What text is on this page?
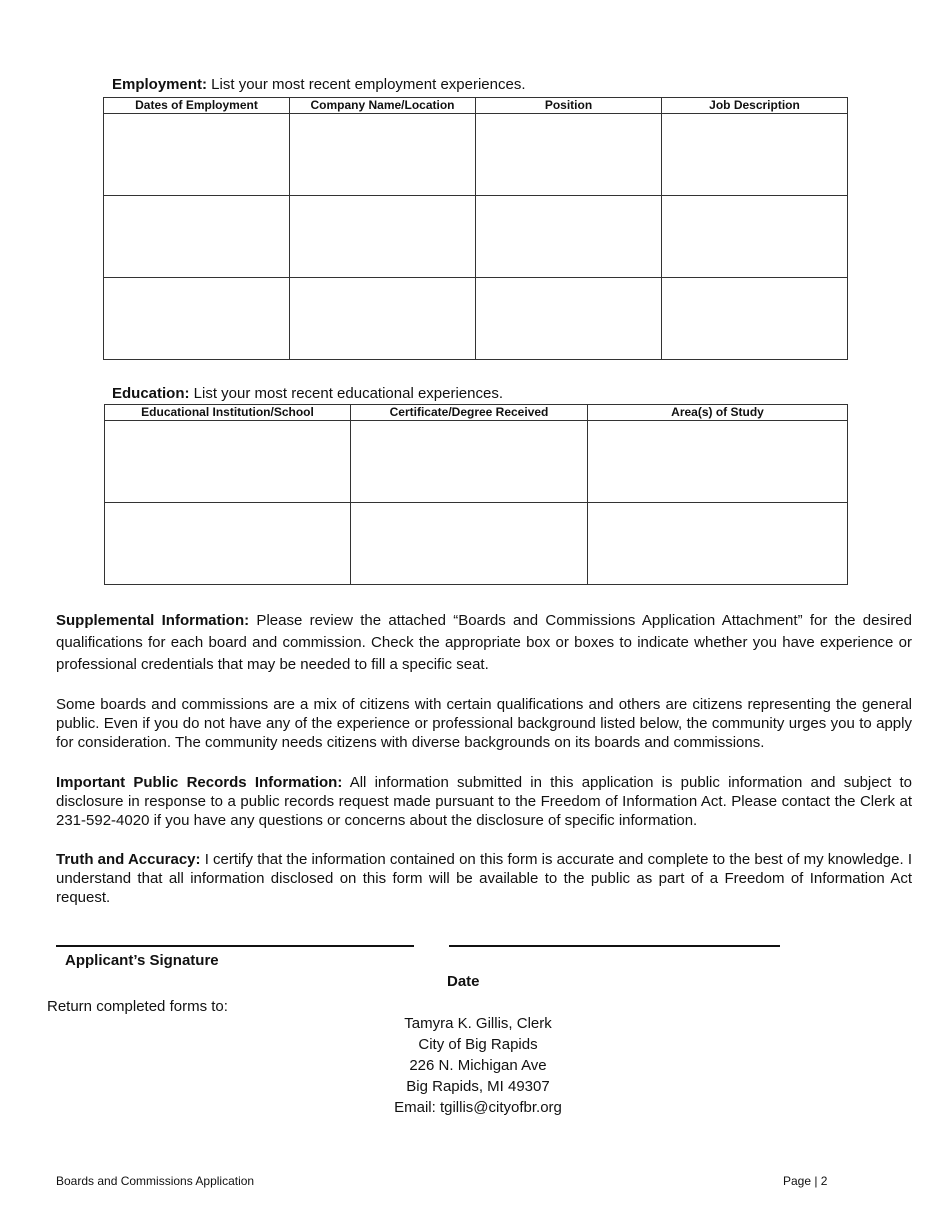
Employment: List your most recent employment experiences.
Dates of Employment	Company Name/Location	Position	Job Description

Education: List your most recent educational experiences.
Educational Institution/School	Certificate/Degree Received	Area(s) of Study

Supplemental Information: Please review the attached “Boards and Commissions Application Attachment” for the desired qualifications for each board and commission. Check the appropriate box or boxes to indicate whether you have experience or professional credentials that may be needed to fill a specific seat.
Some boards and commissions are a mix of citizens with certain qualifications and others are citizens representing the general public. Even if you do not have any of the experience or professional background listed below, the community urges you to apply for consideration. The community needs citizens with diverse backgrounds on its boards and commissions.
Important Public Records Information: All information submitted in this application is public information and subject to disclosure in response to a public records request made pursuant to the Freedom of Information Act. Please contact the Clerk at 231-592-4020 if you have any questions or concerns about the disclosure of specific information.
Truth and Accuracy: I certify that the information contained on this form is accurate and complete to the best of my knowledge. I understand that all information disclosed on this form will be available to the public as part of a Freedom of Information Act request.
Applicant’s Signature
Date
Return completed forms to:
Tamyra K. Gillis, Clerk
City of Big Rapids
226 N. Michigan Ave
Big Rapids, MI 49307
Email: tgillis@cityofbr.org
Boards and Commissions Application	Page | 2
